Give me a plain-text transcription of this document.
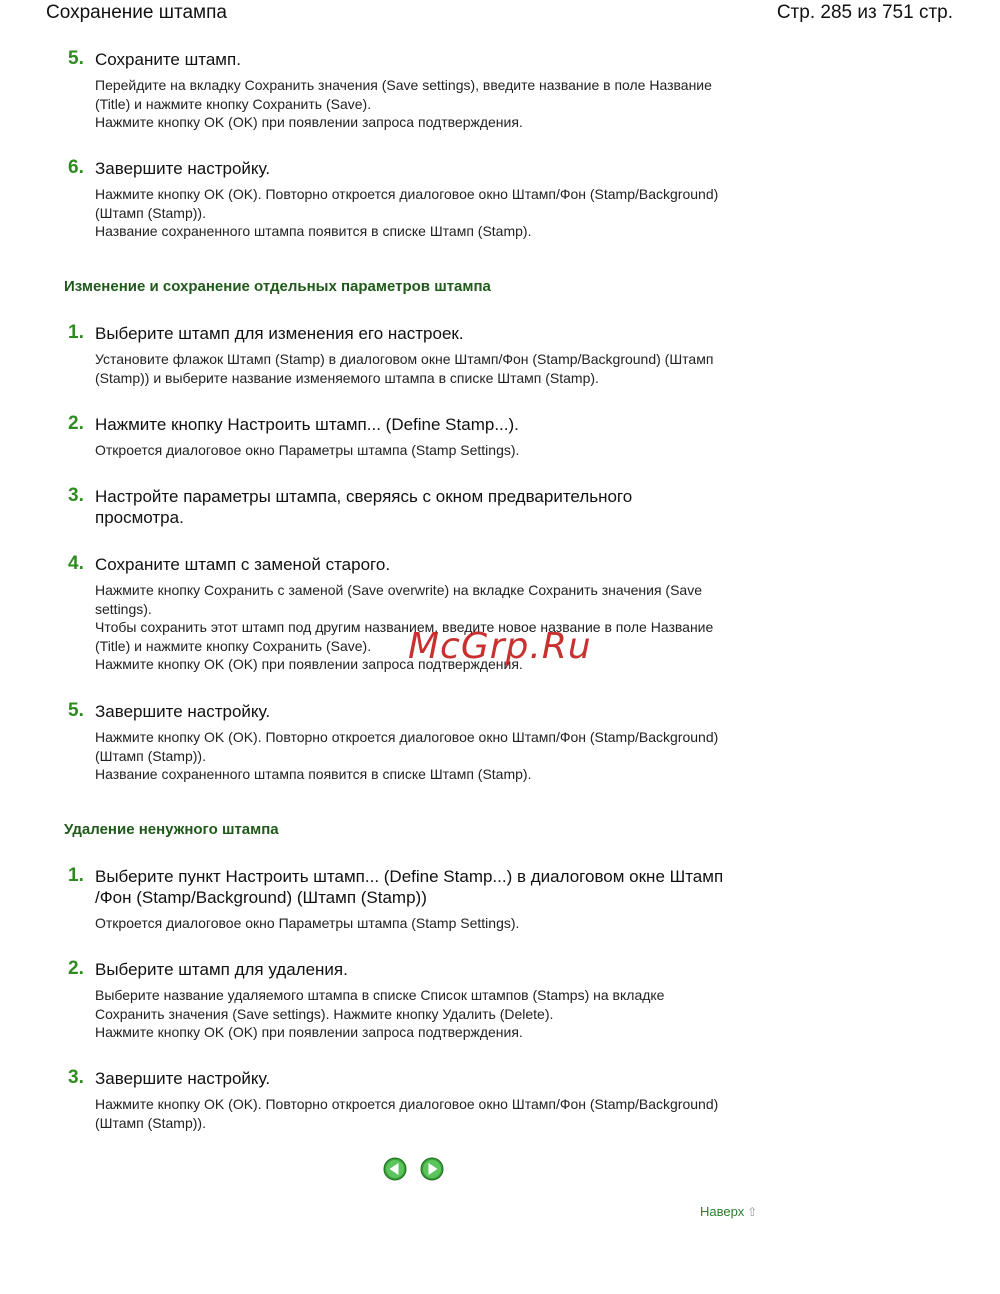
Сохранение штампа	Стр. 285 из 751 стр.
5. Сохраните штамп.

Перейдите на вкладку Сохранить значения (Save settings), введите название в поле Название

(Title) и нажмите кнопку Сохранить (Save).

Нажмите кнопку OK (OK) при появлении запроса подтверждения.

6. Завершите настройку.

Нажмите кнопку OK (OK). Повторно откроется диалоговое окно Штамп/Фон (Stamp/Background)

(Штамп (Stamp)).

Название сохраненного штампа появится в списке Штамп (Stamp).

Изменение и сохранение отдельных параметров штампа
1. Выберите штамп для изменения его настроек.

Установите флажок Штамп (Stamp) в диалоговом окне Штамп/Фон (Stamp/Background) (Штамп

(Stamp)) и выберите название изменяемого штампа в списке Штамп (Stamp).

2. Нажмите кнопку Настроить штамп... (Define Stamp...).

Откроется диалоговое окно Параметры штампа (Stamp Settings).

3. Настройте параметры штампа, сверяясь с окном предварительного
просмотра.
4. Сохраните штамп с заменой старого.

Нажмите кнопку Сохранить с заменой (Save overwrite) на вкладке Сохранить значения (Save

settings).

Чтобы сохранить этот штамп под другим названием, введите новое название в поле Название

(Title) и нажмите кнопку Сохранить (Save).

Нажмите кнопку OK (OK) при появлении запроса подтверждения.

5. Завершите настройку.

Нажмите кнопку OK (OK). Повторно откроется диалоговое окно Штамп/Фон (Stamp/Background)

(Штамп (Stamp)).

Название сохраненного штампа появится в списке Штамп (Stamp).

Удаление ненужного штампа
1. Выберите пункт Настроить штамп... (Define Stamp...) в диалоговом окне Штамп
/Фон (Stamp/Background) (Штамп (Stamp))

Откроется диалоговое окно Параметры штампа (Stamp Settings).

2. Выберите штамп для удаления.

Выберите название удаляемого штампа в списке Список штампов (Stamps) на вкладке

Сохранить значения (Save settings). Нажмите кнопку Удалить (Delete).

Нажмите кнопку OK (OK) при появлении запроса подтверждения.

3. Завершите настройку.

Нажмите кнопку OK (OK). Повторно откроется диалоговое окно Штамп/Фон (Stamp/Background)

(Штамп (Stamp)).

McGrp.Ru
Наверх ⇧
